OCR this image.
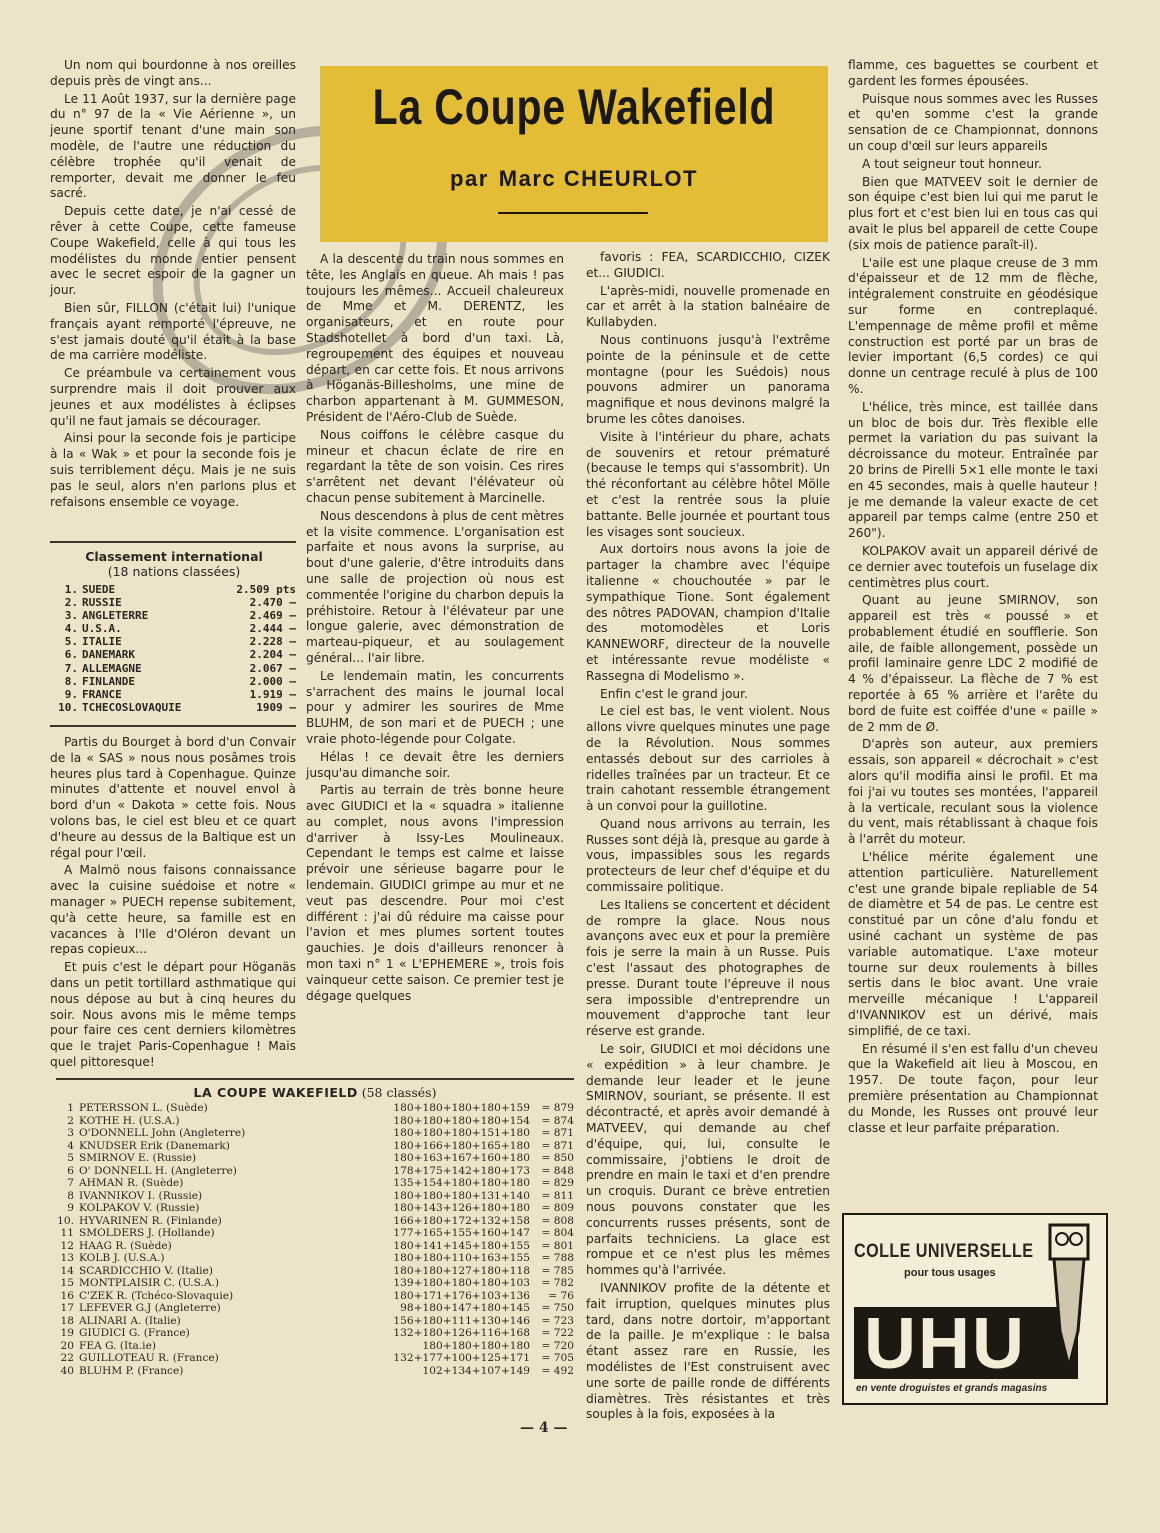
La Coupe Wakefield
par Marc CHEURLOT

Un nom qui bourdonne à nos oreilles depuis près de vingt ans...

Le 11 Août 1937, sur la dernière page du n° 97 de la « Vie Aérienne », un jeune sportif tenant d'une main son modèle, de l'autre une réduction du célèbre trophée qu'il venait de remporter, devait me donner le feu sacré.

Depuis cette date, je n'ai cessé de rêver à cette Coupe, cette fameuse Coupe Wakefield, celle à qui tous les modélistes du monde entier pensent avec le secret espoir de la gagner un jour.

Bien sûr, FILLON (c'était lui) l'unique français ayant remporté l'épreuve, ne s'est jamais douté qu'il était à la base de ma carrière modéliste.

Ce préambule va certainement vous surprendre mais il doit prouver aux jeunes et aux modélistes à éclipses qu'il ne faut jamais se décourager.

Ainsi pour la seconde fois je participe à la « Wak » et pour la seconde fois je suis terriblement déçu. Mais je ne suis pas le seul, alors n'en parlons plus et refaisons ensemble ce voyage.

Classement international
(18 nations classées)
1. SUEDE	2.509 pts
2. RUSSIE	2.470 —
3. ANGLETERRE	2.469 —
4. U.S.A.	2.444 —
5. ITALIE	2.228 —
6. DANEMARK	2.204 —
7. ALLEMAGNE	2.067 —
8. FINLANDE	2.000 —
9. FRANCE	1.919 —
10. TCHECOSLOVAQUIE	1909 —

Partis du Bourget à bord d'un Convair de la « SAS » nous nous posâmes trois heures plus tard à Copenhague. Quinze minutes d'attente et nouvel envol à bord d'un « Dakota » cette fois. Nous volons bas, le ciel est bleu et ce quart d'heure au dessus de la Baltique est un régal pour l'œil.

A Malmö nous faisons connaissance avec la cuisine suédoise et notre « manager » PUECH repense subitement, qu'à cette heure, sa famille est en vacances à l'Ile d'Oléron devant un repas copieux...

Et puis c'est le départ pour Höganäs dans un petit tortillard asthmatique qui nous dépose au but à cinq heures du soir. Nous avons mis le même temps pour faire ces cent derniers kilomètres que le trajet Paris-Copenhague ! Mais quel pittoresque!

A la descente du train nous sommes en tête, les Anglais en queue. Ah mais ! pas toujours les mêmes... Accueil chaleureux de Mme et M. DERENTZ, les organisateurs, et en route pour Stadshotellet à bord d'un taxi. Là, regroupement des équipes et nouveau départ, en car cette fois. Et nous arrivons à Höganäs-Billesholms, une mine de charbon appartenant à M. GUMMESON, Président de l'Aéro-Club de Suède.

Nous coiffons le célèbre casque du mineur et chacun éclate de rire en regardant la tête de son voisin. Ces rires s'arrêtent net devant l'élévateur où chacun pense subitement à Marcinelle.

Nous descendons à plus de cent mètres et la visite commence. L'organisation est parfaite et nous avons la surprise, au bout d'une galerie, d'être introduits dans une salle de projection où nous est commentée l'origine du charbon depuis la préhistoire. Retour à l'élévateur par une longue galerie, avec démonstration de marteau-piqueur, et au soulagement général... l'air libre.

Le lendemain matin, les concurrents s'arrachent des mains le journal local pour y admirer les sourires de Mme BLUHM, de son mari et de PUECH ; une vraie photo-légende pour Colgate.

Hélas ! ce devait être les derniers jusqu'au dimanche soir.

Partis au terrain de très bonne heure avec GIUDICI et la « squadra » italienne au complet, nous avons l'impression d'arriver à Issy-Les Moulineaux. Cependant le temps est calme et laisse prévoir une sérieuse bagarre pour le lendemain. GIUDICI grimpe au mur et ne veut pas descendre. Pour moi c'est différent : j'ai dû réduire ma caisse pour l'avion et mes plumes sortent toutes gauchies. Je dois d'ailleurs renoncer à mon taxi n° 1 « L'EPHEMERE », trois fois vainqueur cette saison. Ce premier test je dégage quelques

favoris : FEA, SCARDICCHIO, CIZEK et... GIUDICI.

L'après-midi, nouvelle promenade en car et arrêt à la station balnéaire de Kullabyden.

Nous continuons jusqu'à l'extrême pointe de la péninsule et de cette montagne (pour les Suédois) nous pouvons admirer un panorama magnifique et nous devinons malgré la brume les côtes danoises.

Visite à l'intérieur du phare, achats de souvenirs et retour prématuré (because le temps qui s'assombrit). Un thé réconfortant au célèbre hôtel Mölle et c'est la rentrée sous la pluie battante. Belle journée et pourtant tous les visages sont soucieux.

Aux dortoirs nous avons la joie de partager la chambre avec l'équipe italienne « chouchoutée » par le sympathique Tione. Sont également des nôtres PADOVAN, champion d'Italie des motomodèles et Loris KANNEWORF, directeur de la nouvelle et intéressante revue modéliste « Rassegna di Modelismo ».

Enfin c'est le grand jour.

Le ciel est bas, le vent violent. Nous allons vivre quelques minutes une page de la Révolution. Nous sommes entassés debout sur des carrioles à ridelles traînées par un tracteur. Et ce train cahotant ressemble étrangement à un convoi pour la guillotine.

Quand nous arrivons au terrain, les Russes sont déjà là, presque au garde à vous, impassibles sous les regards protecteurs de leur chef d'équipe et du commissaire politique.

Les Italiens se concertent et décident de rompre la glace. Nous nous avançons avec eux et pour la première fois je serre la main à un Russe. Puis c'est l'assaut des photographes de presse. Durant toute l'épreuve il nous sera impossible d'entreprendre un mouvement d'approche tant leur réserve est grande.

Le soir, GIUDICI et moi décidons une « expédition » à leur chambre. Je demande leur leader et le jeune SMIRNOV, souriant, se présente. Il est décontracté, et après avoir demandé à MATVEEV, qui demande au chef d'équipe, qui, lui, consulte le commissaire, j'obtiens le droit de prendre en main le taxi et d'en prendre un croquis. Durant ce brève entretien nous pouvons constater que les concurrents russes présents, sont de parfaits techniciens. La glace est rompue et ce n'est plus les mêmes hommes qu'à l'arrivée.

IVANNIKOV profite de la détente et fait irruption, quelques minutes plus tard, dans notre dortoir, m'apportant de la paille. Je m'explique : le balsa étant assez rare en Russie, les modélistes de l'Est construisent avec une sorte de paille ronde de différents diamètres. Très résistantes et très souples à la fois, exposées à la

flamme, ces baguettes se courbent et gardent les formes épousées.

Puisque nous sommes avec les Russes et qu'en somme c'est la grande sensation de ce Championnat, donnons un coup d'œil sur leurs appareils

A tout seigneur tout honneur.

Bien que MATVEEV soit le dernier de son équipe c'est bien lui qui me parut le plus fort et c'est bien lui en tous cas qui avait le plus bel appareil de cette Coupe (six mois de patience paraît-il).

L'aile est une plaque creuse de 3 mm d'épaisseur et de 12 mm de flèche, intégralement construite en géodésique sur forme en contreplaqué. L'empennage de même profil et même construction est porté par un bras de levier important (6,5 cordes) ce qui donne un centrage reculé à plus de 100 %.

L'hélice, très mince, est taillée dans un bloc de bois dur. Très flexible elle permet la variation du pas suivant la décroissance du moteur. Entraînée par 20 brins de Pirelli 5×1 elle monte le taxi en 45 secondes, mais à quelle hauteur ! je me demande la valeur exacte de cet appareil par temps calme (entre 250 et 260").

KOLPAKOV avait un appareil dérivé de ce dernier avec toutefois un fuselage dix centimètres plus court.

Quant au jeune SMIRNOV, son appareil est très « poussé » et probablement étudié en soufflerie. Son aile, de faible allongement, possède un profil laminaire genre LDC 2 modifié de 4 % d'épaisseur. La flèche de 7 % est reportée à 65 % arrière et l'arête du bord de fuite est coiffée d'une « paille » de 2 mm de Ø.

D'après son auteur, aux premiers essais, son appareil « décrochait » c'est alors qu'il modifia ainsi le profil. Et ma foi j'ai vu toutes ses montées, l'appareil à la verticale, reculant sous la violence du vent, mais rétablissant à chaque fois à l'arrêt du moteur.

L'hélice mérite également une attention particulière. Naturellement c'est une grande bipale repliable de 54 de diamètre et 54 de pas. Le centre est constitué par un cône d'alu fondu et usiné cachant un système de pas variable automatique. L'axe moteur tourne sur deux roulements à billes sertis dans le bloc avant. Une vraie merveille mécanique ! L'appareil d'IVANNIKOV est un dérivé, mais simplifié, de ce taxi.

En résumé il s'en est fallu d'un cheveu que la Wakefield ait lieu à Moscou, en 1957. De toute façon, pour leur première présentation au Championnat du Monde, les Russes ont prouvé leur classe et leur parfaite préparation.

LA COUPE WAKEFIELD (58 classés)
1 PETERSSON L. (Suède)	180+180+180+180+159	= 879
2 KOTHE H. (U.S.A.)	180+180+180+180+154	= 874
3 O'DONNELL John (Angleterre)	180+180+180+151+180	= 871
4 KNUDSER Erik (Danemark)	180+166+180+165+180	= 871
5 SMIRNOV E. (Russie)	180+163+167+160+180	= 850
6 O' DONNELL H. (Angleterre)	178+175+142+180+173	= 848
7 AHMAN R. (Suède)	135+154+180+180+180	= 829
8 IVANNIKOV I. (Russie)	180+180+180+131+140	= 811
9 KOLPAKOV V. (Russie)	180+143+126+180+180	= 809
10. HYVARINEN R. (Finlande)	166+180+172+132+158	= 808
11 SMOLDERS J. (Hollande)	177+165+155+160+147	= 804
12 HAAG R. (Suède)	180+141+145+180+155	= 801
13 KOLB J. (U.S.A.)	180+180+110+163+155	= 788
14 SCARDICCHIO V. (Italie)	180+180+127+180+118	= 785
15 MONTPLAISIR C. (U.S.A.)	139+180+180+180+103	= 782
16 C'ZEK R. (Tchéco-Slovaquie)	180+171+176+103+136	= 76
17 LEFEVER G.J (Angleterre)	98+180+147+180+145	= 750
18 ALINARI A. (Italie)	156+180+111+130+146	= 723
19 GIUDICI G. (France)	132+180+126+116+168	= 722
20 FEA G. (Ita.ie)	180+180+180+180	= 720
22 GUILLOTEAU R. (France)	132+177+100+125+171	= 705
40 BLUHM P. (France)	102+134+107+149	= 492
COLLE UNIVERSELLE
pour tous usages
UHU
en vente droguistes et grands magasins
— 4 —
